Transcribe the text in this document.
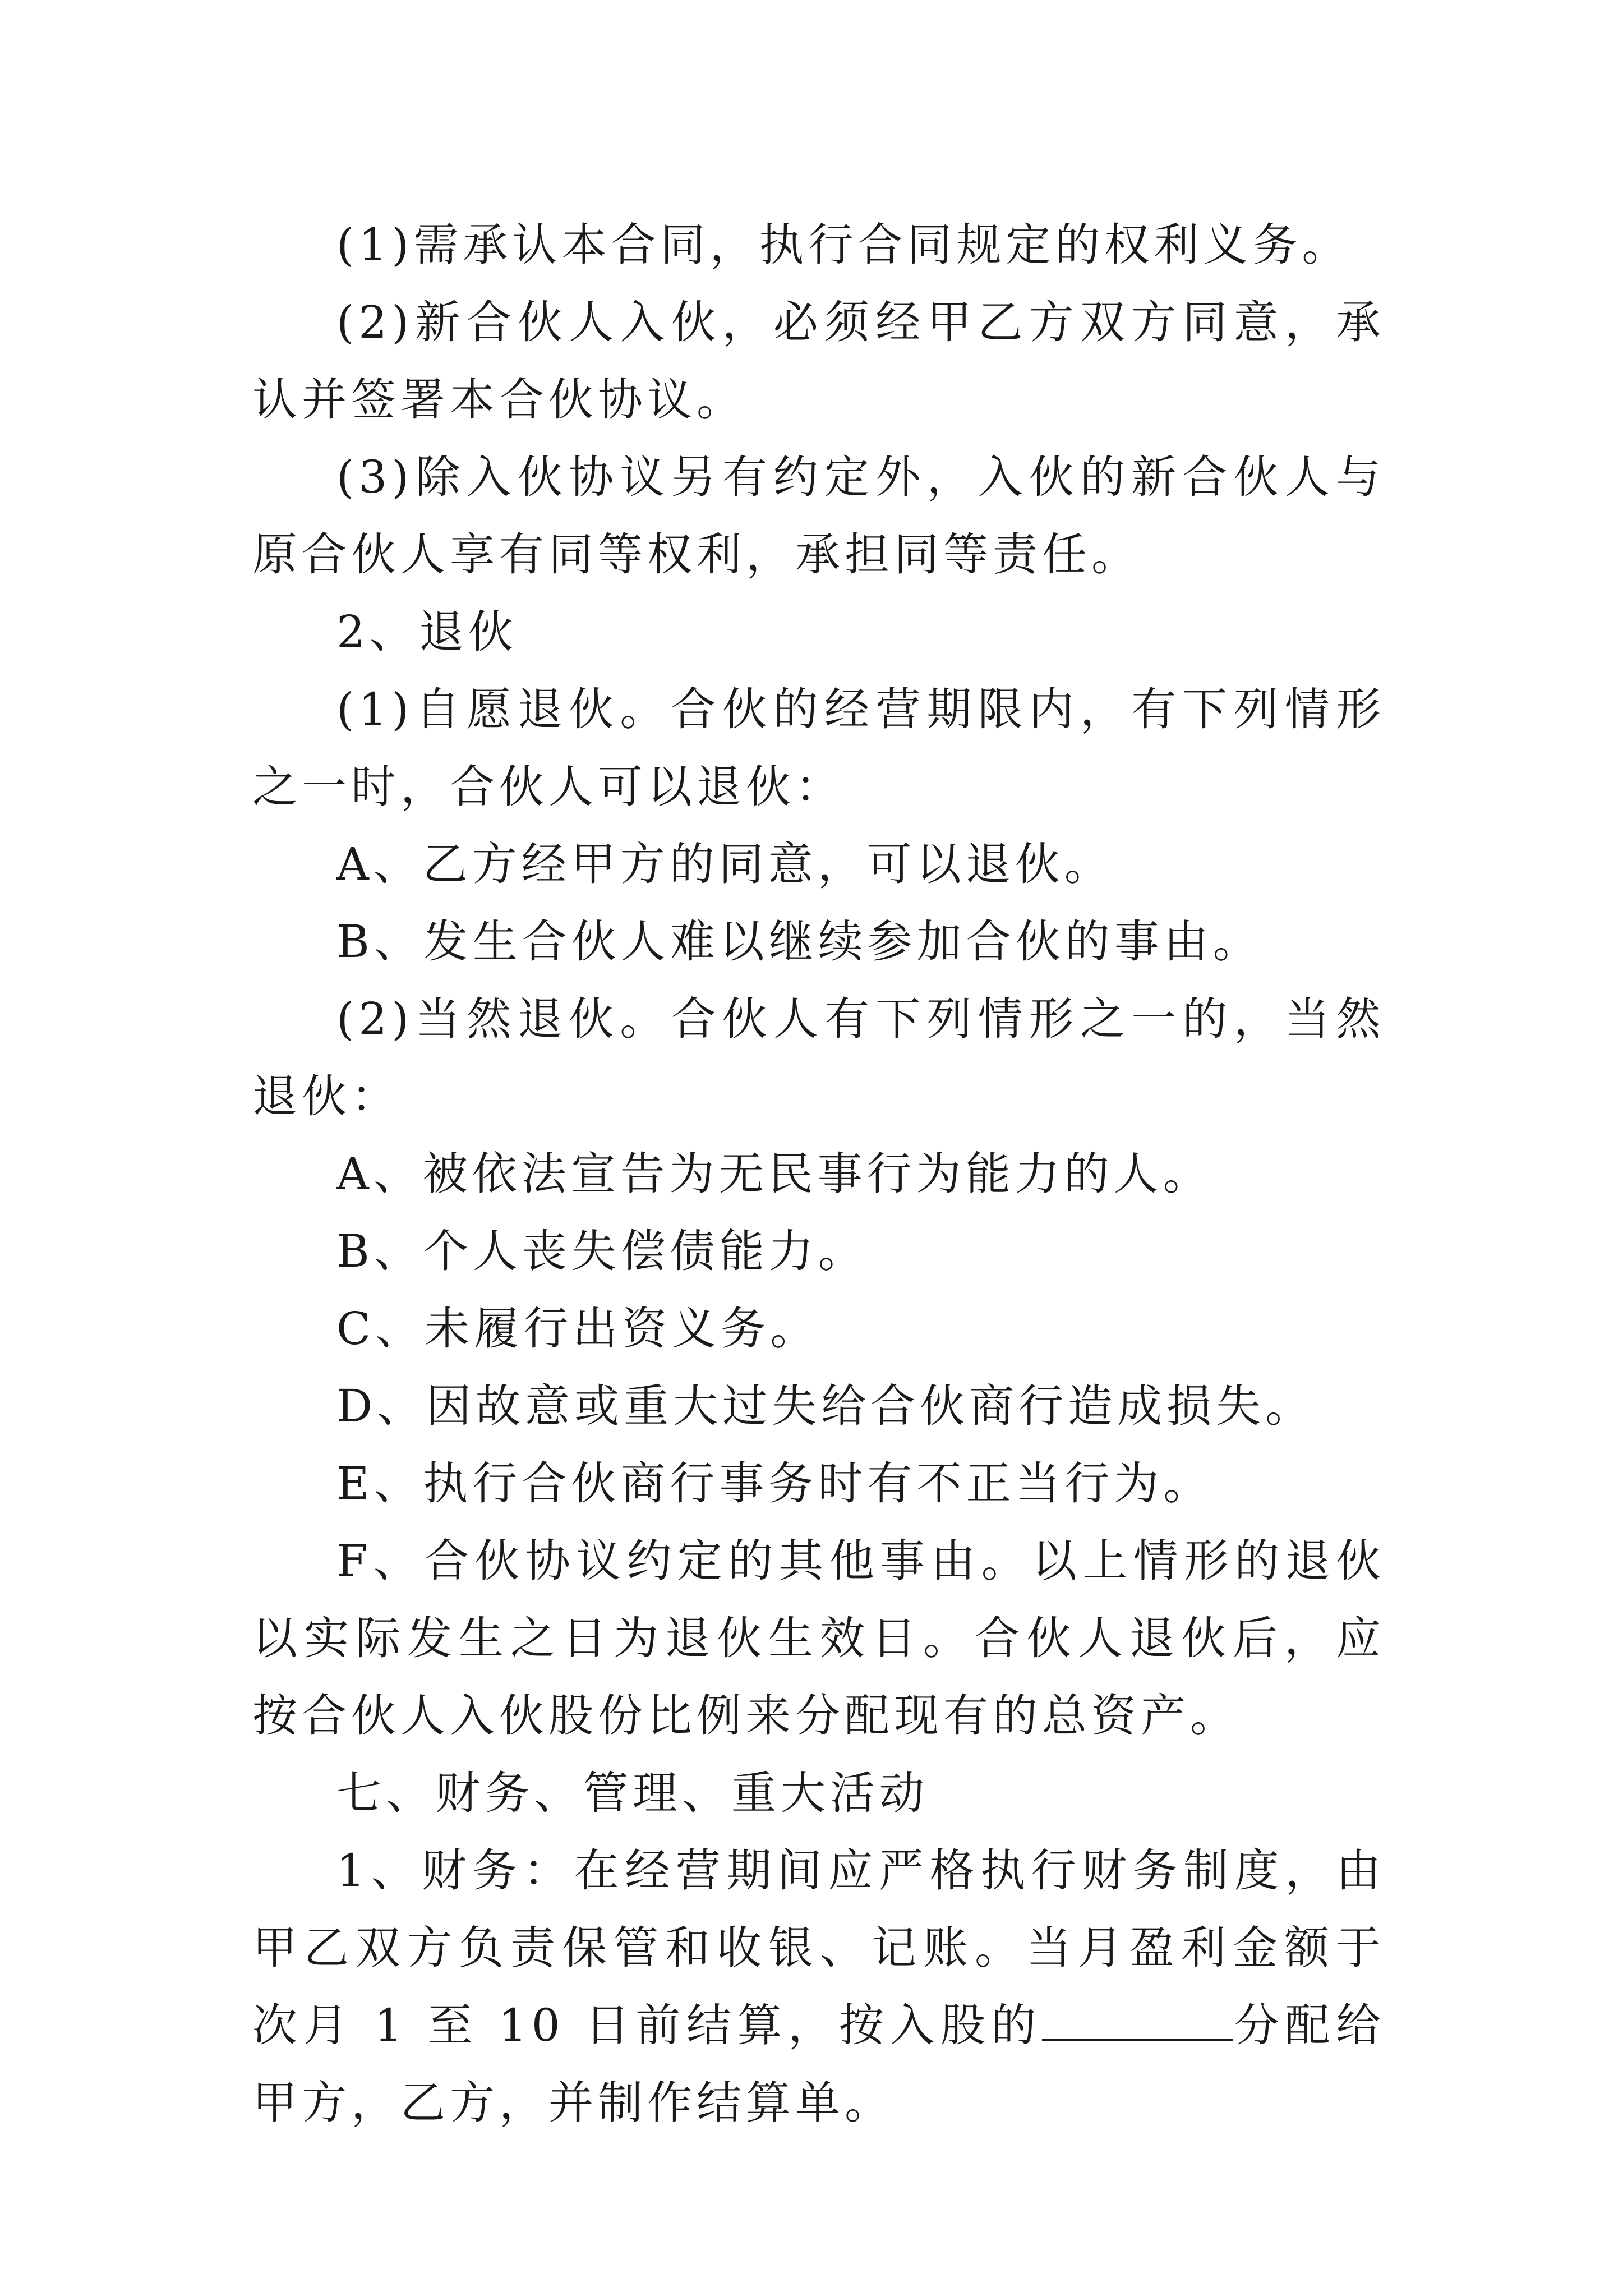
(1)需承认本合同，执行合同规定的权利义务。

(2)新合伙人入伙，必须经甲乙方双方同意，承认并签署本合伙协议。

(3)除入伙协议另有约定外，入伙的新合伙人与原合伙人享有同等权利，承担同等责任。

2、退伙

(1)自愿退伙。合伙的经营期限内，有下列情形之一时，合伙人可以退伙：

A、乙方经甲方的同意，可以退伙。

B、发生合伙人难以继续参加合伙的事由。

(2)当然退伙。合伙人有下列情形之一的，当然退伙：

A、被依法宣告为无民事行为能力的人。

B、个人丧失偿债能力。

C、未履行出资义务。

D、因故意或重大过失给合伙商行造成损失。

E、执行合伙商行事务时有不正当行为。

F、合伙协议约定的其他事由。以上情形的退伙以实际发生之日为退伙生效日。合伙人退伙后，应按合伙人入伙股份比例来分配现有的总资产。

七、财务、管理、重大活动

1、财务：在经营期间应严格执行财务制度，由甲乙双方负责保管和收银、记账。当月盈利金额于次月 1 至 10 日前结算，按入股的	分配给甲方，乙方，并制作结算单。
